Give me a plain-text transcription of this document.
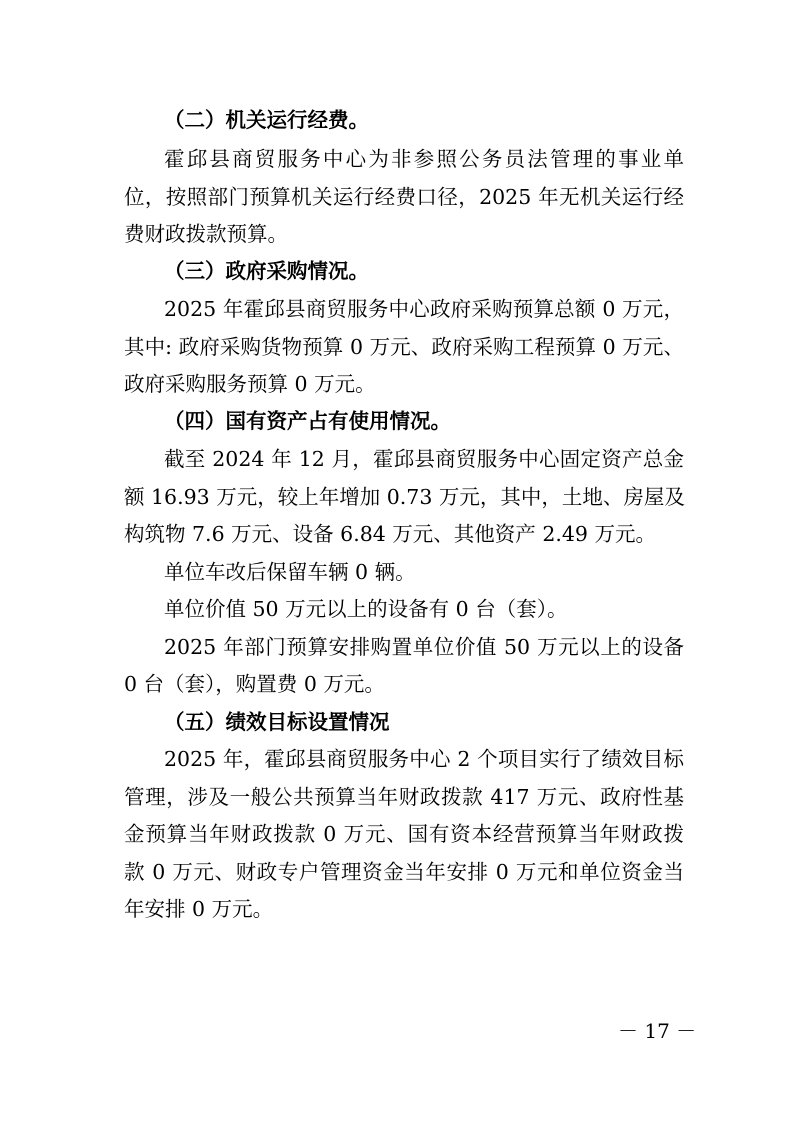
（二）机关运行经费。
霍邱县商贸服务中心为非参照公务员法管理的事业单
位，按照部门预算机关运行经费口径，2025 年无机关运行经
费财政拨款预算。
（三）政府采购情况。
2025 年霍邱县商贸服务中心政府采购预算总额 0 万元，
其中: 政府采购货物预算 0 万元、政府采购工程预算 0 万元、
政府采购服务预算 0 万元。
（四）国有资产占有使用情况。
截至 2024 年 12 月，霍邱县商贸服务中心固定资产总金
额 16.93 万元，较上年增加 0.73 万元，其中，土地、房屋及
构筑物 7.6 万元、设备 6.84 万元、其他资产 2.49 万元。
单位车改后保留车辆 0 辆。
单位价值 50 万元以上的设备有 0 台（套）。
2025 年部门预算安排购置单位价值 50 万元以上的设备
0 台（套），购置费 0 万元。
（五）绩效目标设置情况
2025 年，霍邱县商贸服务中心 2 个项目实行了绩效目标
管理，涉及一般公共预算当年财政拨款 417 万元、政府性基
金预算当年财政拨款 0 万元、国有资本经营预算当年财政拨
款 0 万元、财政专户管理资金当年安排 0 万元和单位资金当
年安排 0 万元。
－ 17 －
